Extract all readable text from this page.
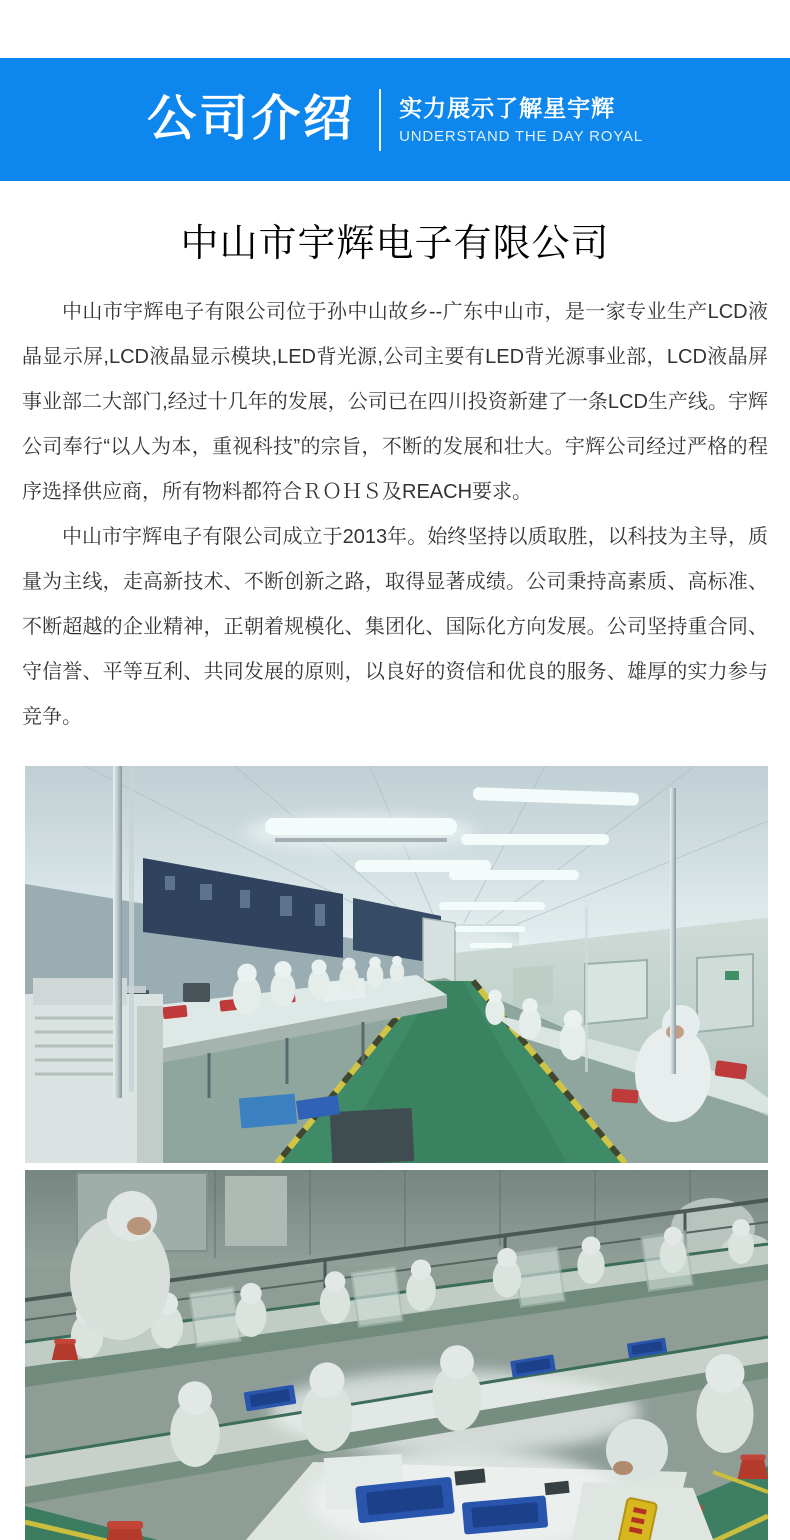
公司介绍 实力展示了解星宇辉
UNDERSTAND THE DAY ROYAL
中山市宇辉电子有限公司

中山市宇辉电子有限公司位于孙中山故乡--广东中山市，是一家专业生产LCD液晶显示屏,LCD液晶显示模块,LED背光源,公司主要有LED背光源事业部，LCD液晶屏事业部二大部门,经过十几年的发展，公司已在四川投资新建了一条LCD生产线。宇辉公司奉行“以人为本，重视科技”的宗旨，不断的发展和壮大。宇辉公司经过严格的程序选择供应商，所有物料都符合ＲＯＨＳ及REACH要求。

中山市宇辉电子有限公司成立于2013年。始终坚持以质取胜，以科技为主导，质量为主线，走高新技术、不断创新之路，取得显著成绩。公司秉持高素质、高标准、不断超越的企业精神，正朝着规模化、集团化、国际化方向发展。公司坚持重合同、守信誉、平等互利、共同发展的原则，以良好的资信和优良的服务、雄厚的实力参与竞争。
